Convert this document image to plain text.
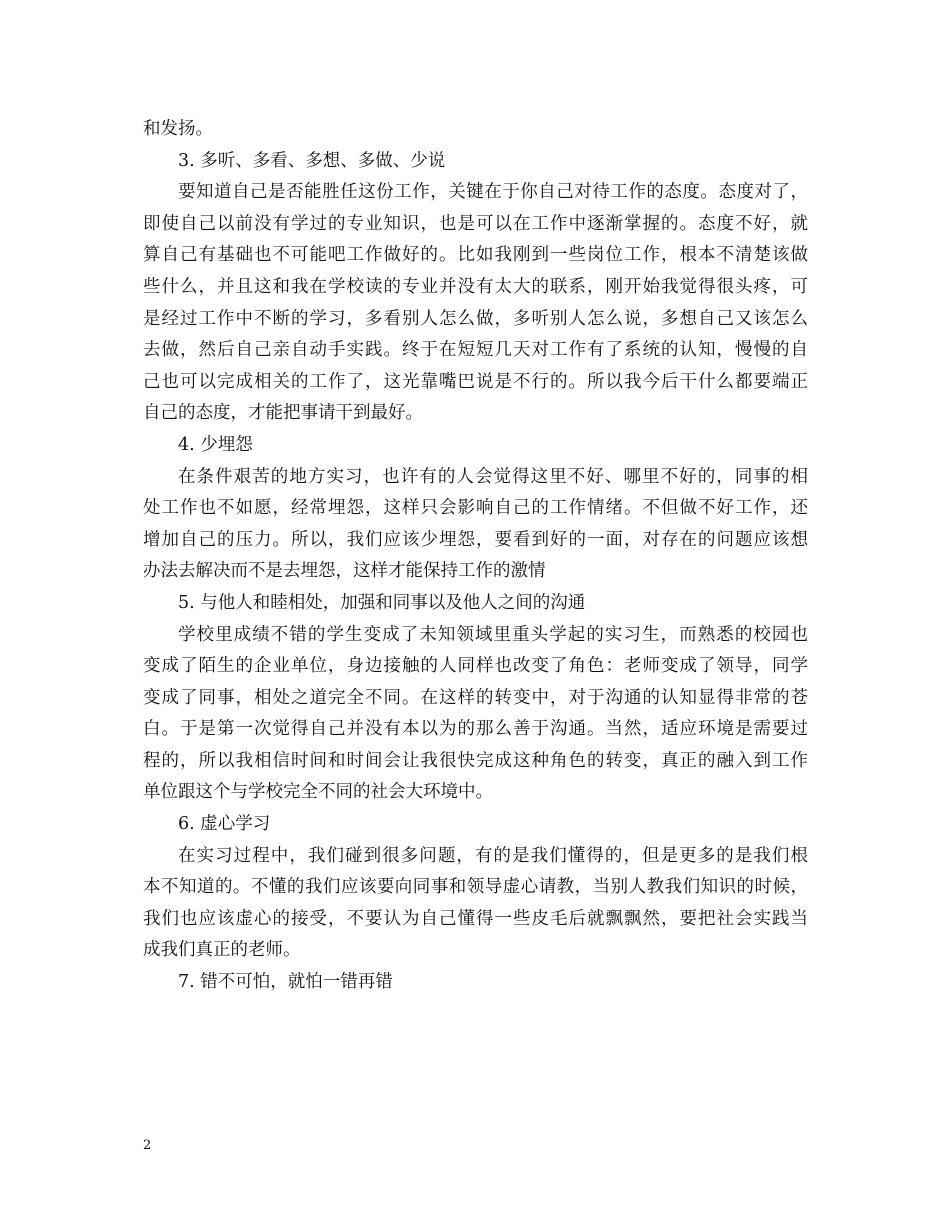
和发扬。
3. 多听、多看、多想、多做、少说
要知道自己是否能胜任这份工作，关键在于你自己对待工作的态度。态度对了，
即使自己以前没有学过的专业知识，也是可以在工作中逐渐掌握的。态度不好，就
算自己有基础也不可能吧工作做好的。比如我刚到一些岗位工作，根本不清楚该做
些什么，并且这和我在学校读的专业并没有太大的联系，刚开始我觉得很头疼，可
是经过工作中不断的学习，多看别人怎么做，多听别人怎么说，多想自己又该怎么
去做，然后自己亲自动手实践。终于在短短几天对工作有了系统的认知，慢慢的自
己也可以完成相关的工作了，这光靠嘴巴说是不行的。所以我今后干什么都要端正
自己的态度，才能把事请干到最好。
4. 少埋怨
在条件艰苦的地方实习，也许有的人会觉得这里不好、哪里不好的，同事的相
处工作也不如愿，经常埋怨，这样只会影响自己的工作情绪。不但做不好工作，还
增加自己的压力。所以，我们应该少埋怨，要看到好的一面，对存在的问题应该想
办法去解决而不是去埋怨，这样才能保持工作的激情
5. 与他人和睦相处，加强和同事以及他人之间的沟通
学校里成绩不错的学生变成了未知领域里重头学起的实习生，而熟悉的校园也
变成了陌生的企业单位，身边接触的人同样也改变了角色：老师变成了领导，同学
变成了同事，相处之道完全不同。在这样的转变中，对于沟通的认知显得非常的苍
白。于是第一次觉得自己并没有本以为的那么善于沟通。当然，适应环境是需要过
程的，所以我相信时间和时间会让我很快完成这种角色的转变，真正的融入到工作
单位跟这个与学校完全不同的社会大环境中。
6. 虚心学习
在实习过程中，我们碰到很多问题，有的是我们懂得的，但是更多的是我们根
本不知道的。不懂的我们应该要向同事和领导虚心请教，当别人教我们知识的时候，
我们也应该虚心的接受，不要认为自己懂得一些皮毛后就飘飘然，要把社会实践当
成我们真正的老师。
7. 错不可怕，就怕一错再错
2
